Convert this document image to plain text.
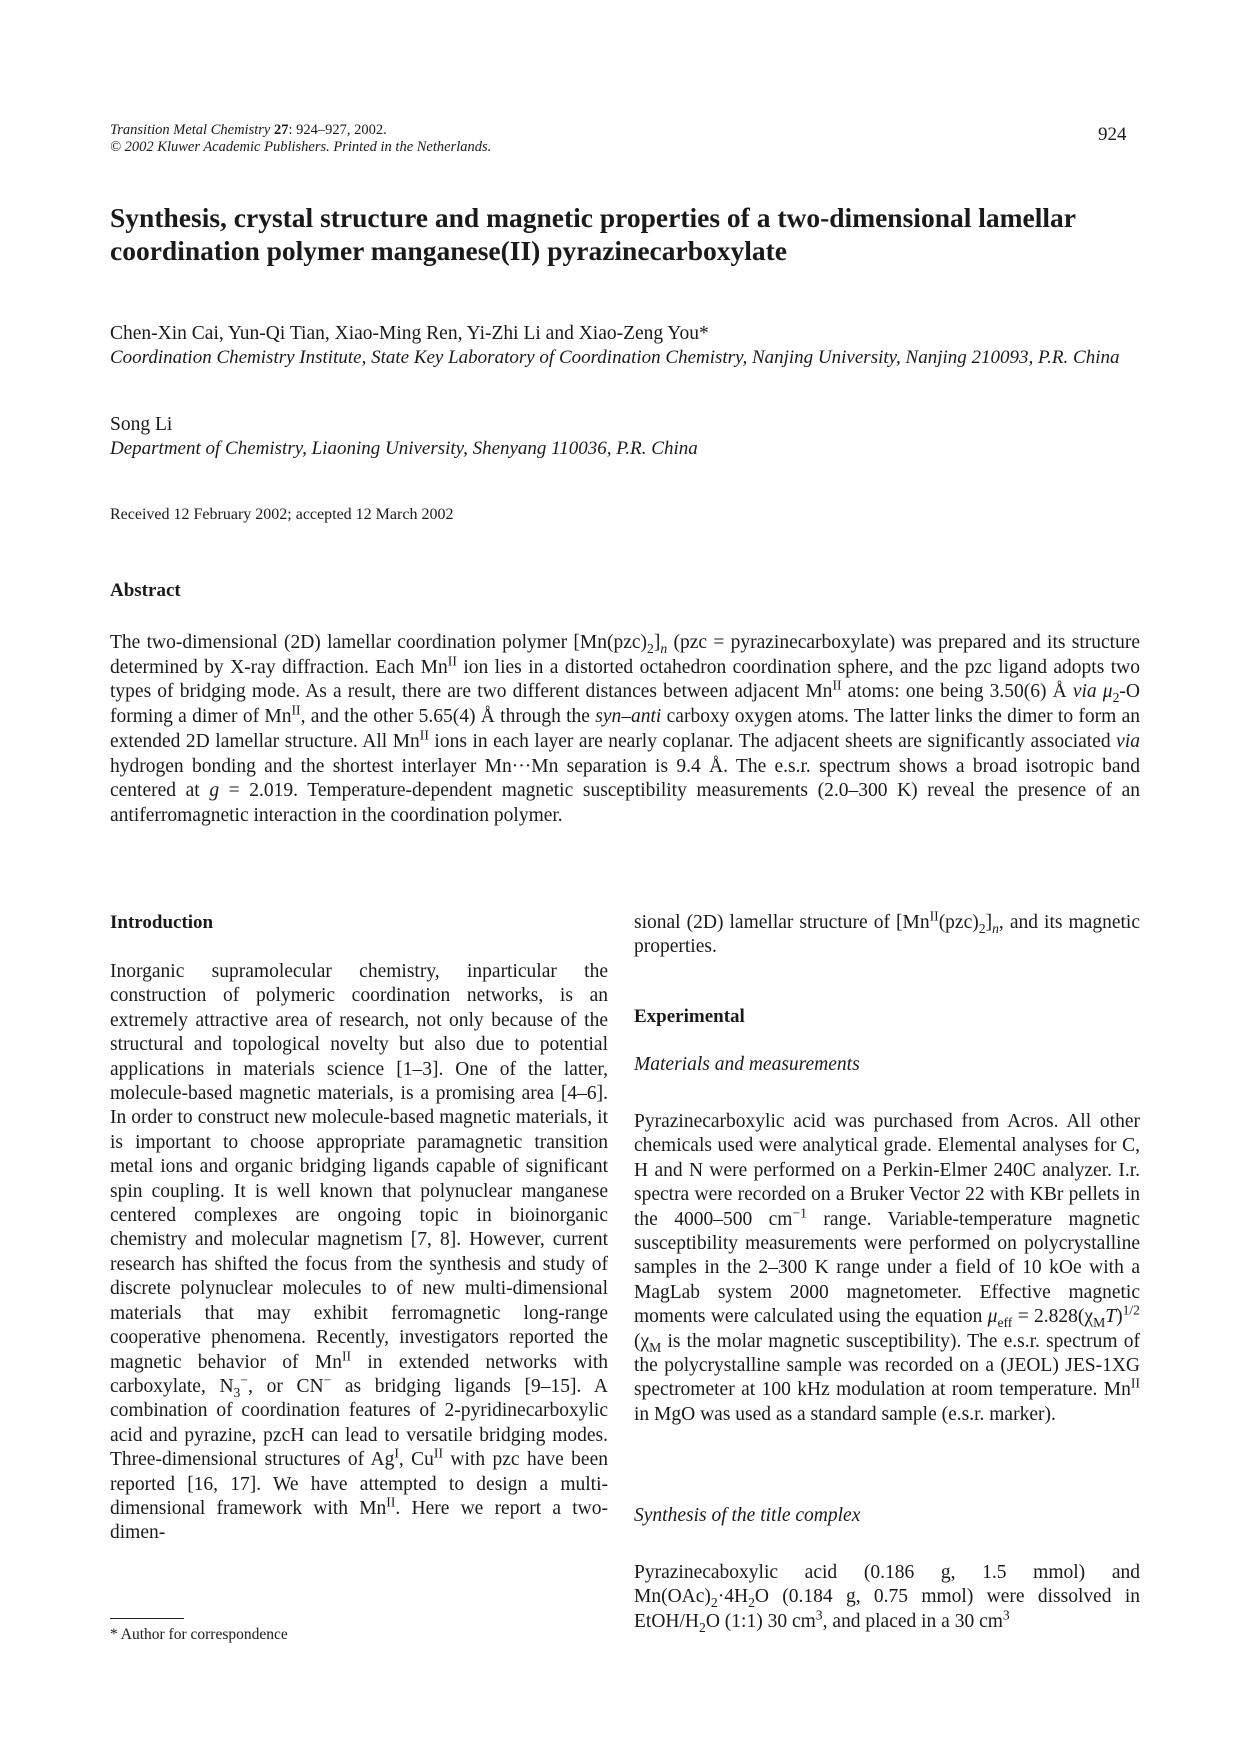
Transition Metal Chemistry 27: 924–927, 2002.
© 2002 Kluwer Academic Publishers. Printed in the Netherlands.
924
Synthesis, crystal structure and magnetic properties of a two-dimensional lamellar
coordination polymer manganese(II) pyrazinecarboxylate
Chen-Xin Cai, Yun-Qi Tian, Xiao-Ming Ren, Yi-Zhi Li and Xiao-Zeng You*
Coordination Chemistry Institute, State Key Laboratory of Coordination Chemistry, Nanjing University, Nanjing 210093, P.R. China
Song Li
Department of Chemistry, Liaoning University, Shenyang 110036, P.R. China
Received 12 February 2002; accepted 12 March 2002
Abstract
The two-dimensional (2D) lamellar coordination polymer $[Mn(pzc)_2]_n$ (pzc = pyrazinecarboxylate) was prepared and its structure determined by X-ray diffraction. Each $Mn^{II}$ ion lies in a distorted octahedron coordination sphere, and the pzc ligand adopts two types of bridging mode. As a result, there are two different distances between adjacent $Mn^{II}$ atoms: one being 3.50(6) Å via $\mu_2-O$ forming a dimer of $Mn^{II}$, and the other 5.65(4) Å through the syn–anti carboxy oxygen atoms. The latter links the dimer to form an extended 2D lamellar structure. All $Mn^{II}$ ions in each layer are nearly coplanar. The adjacent sheets are significantly associated via hydrogen bonding and the shortest interlayer Mn···Mn separation is 9.4 Å. The e.s.r. spectrum shows a broad isotropic band centered at g = 2.019. Temperature-dependent magnetic susceptibility measurements (2.0–300 K) reveal the presence of an antiferromagnetic interaction in the coordination polymer.
Introduction

Inorganic supramolecular chemistry, inparticular the construction of polymeric coordination networks, is an extremely attractive area of research, not only because of the structural and topological novelty but also due to potential applications in materials science [1–3]. One of the latter, molecule-based magnetic materials, is a promising area [4–6]. In order to construct new molecule-based magnetic materials, it is important to choose appropriate paramagnetic transition metal ions and organic bridging ligands capable of significant spin coupling. It is well known that polynuclear manganese centered complexes are ongoing topic in bioinorganic chemistry and molecular magnetism [7, 8]. However, current research has shifted the focus from the synthesis and study of discrete polynuclear molecules to of new multi-dimensional materials that may exhibit ferromagnetic long-range cooperative phenomena. Recently, investigators reported the magnetic behavior of $Mn^{II}$ in extended networks with carboxylate, $N_3^-$, or CN− as bridging ligands [9–15]. A combination of coordination features of 2-pyridinecarboxylic acid and pyrazine, pzcH can lead to versatile bridging modes. Three-dimensional structures of $Ag^I$, $Cu^{II}$ with pzc have been reported [16, 17]. We have attempted to design a multi-dimensional framework with $Mn^{II}$. Here we report a two-dimen-

* Author for correspondence

sional (2D) lamellar structure of $[Mn^{II}(pzc)_2]_n$, and its magnetic properties.

Experimental
Materials and measurements

Pyrazinecarboxylic acid was purchased from Acros. All other chemicals used were analytical grade. Elemental analyses for C, H and N were performed on a Perkin-Elmer 240C analyzer. I.r. spectra were recorded on a Bruker Vector 22 with KBr pellets in the 4000–500 $cm^{-1}$ range. Variable-temperature magnetic susceptibility measurements were performed on polycrystalline samples in the 2–300 K range under a field of 10 kOe with a MagLab system 2000 magnetometer. Effective magnetic moments were calculated using the equation $\mu_{eff} = 2.828(\chi_MT)^{1/2}$ ($\chi_M$ is the molar magnetic susceptibility). The e.s.r. spectrum of the polycrystalline sample was recorded on a (JEOL) JES-1XG spectrometer at 100 kHz modulation at room temperature. $Mn^{II}$ in MgO was used as a standard sample (e.s.r. marker).

Synthesis of the title complex

Pyrazinecaboxylic acid (0.186 g, 1.5 mmol) and $Mn(OAc)_2\cdot 4H_2O$ (0.184 g, 0.75 mmol) were dissolved in EtOH/$H_2O$ (1:1) 30 $cm^3$, and placed in a 30 $cm^3$
